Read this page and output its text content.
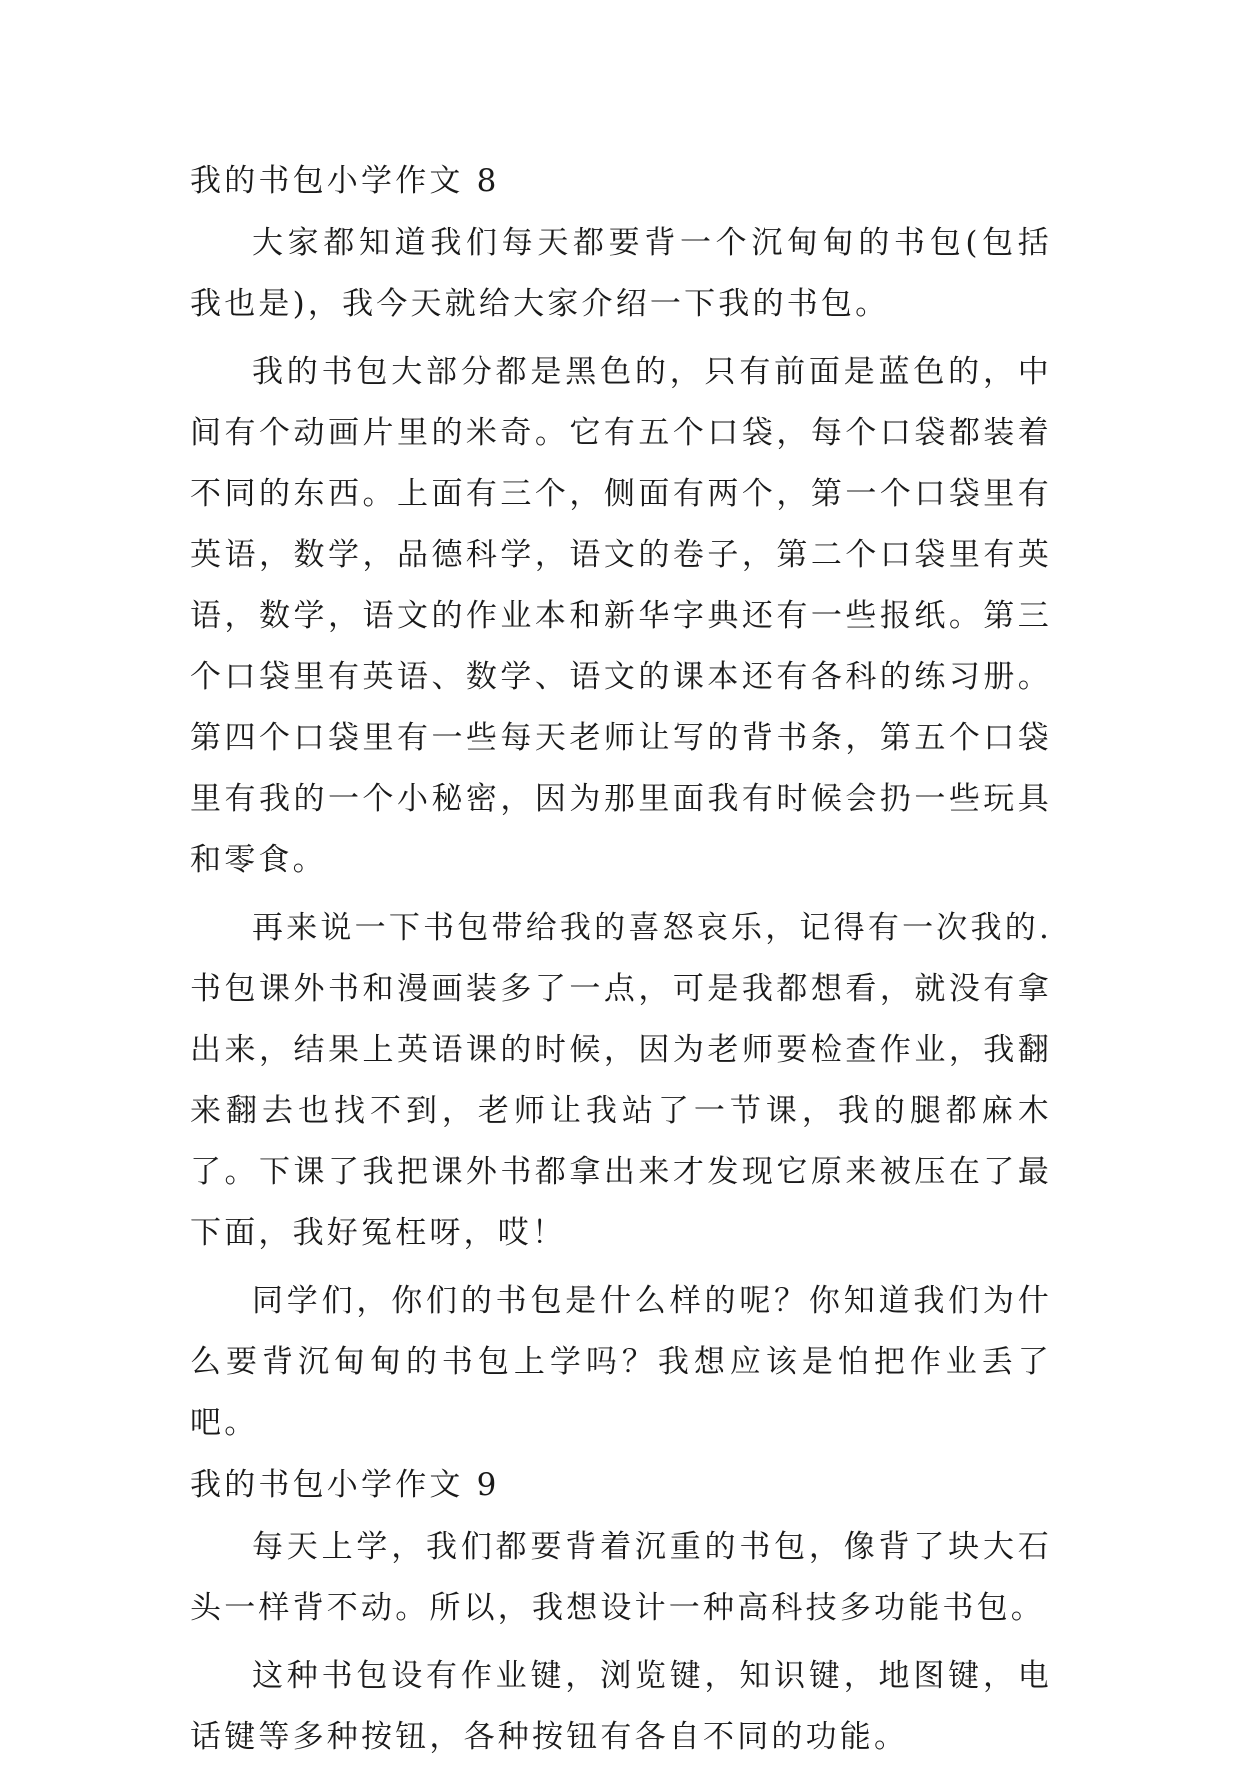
我的书包小学作文 8

大家都知道我们每天都要背一个沉甸甸的书包(包括我也是)，我今天就给大家介绍一下我的书包。

我的书包大部分都是黑色的，只有前面是蓝色的，中间有个动画片里的米奇。它有五个口袋，每个口袋都装着不同的东西。上面有三个，侧面有两个，第一个口袋里有英语，数学，品德科学，语文的卷子，第二个口袋里有英语，数学，语文的作业本和新华字典还有一些报纸。第三个口袋里有英语、数学、语文的课本还有各科的练习册。第四个口袋里有一些每天老师让写的背书条，第五个口袋里有我的一个小秘密，因为那里面我有时候会扔一些玩具和零食。

再来说一下书包带给我的喜怒哀乐，记得有一次我的.书包课外书和漫画装多了一点，可是我都想看，就没有拿出来，结果上英语课的时候，因为老师要检查作业，我翻来翻去也找不到，老师让我站了一节课，我的腿都麻木了。下课了我把课外书都拿出来才发现它原来被压在了最下面，我好冤枉呀，哎！

同学们，你们的书包是什么样的呢？你知道我们为什么要背沉甸甸的书包上学吗？我想应该是怕把作业丢了吧。

我的书包小学作文 9

每天上学，我们都要背着沉重的书包，像背了块大石头一样背不动。所以，我想设计一种高科技多功能书包。

这种书包设有作业键，浏览键，知识键，地图键，电话键等多种按钮，各种按钮有各自不同的功能。
